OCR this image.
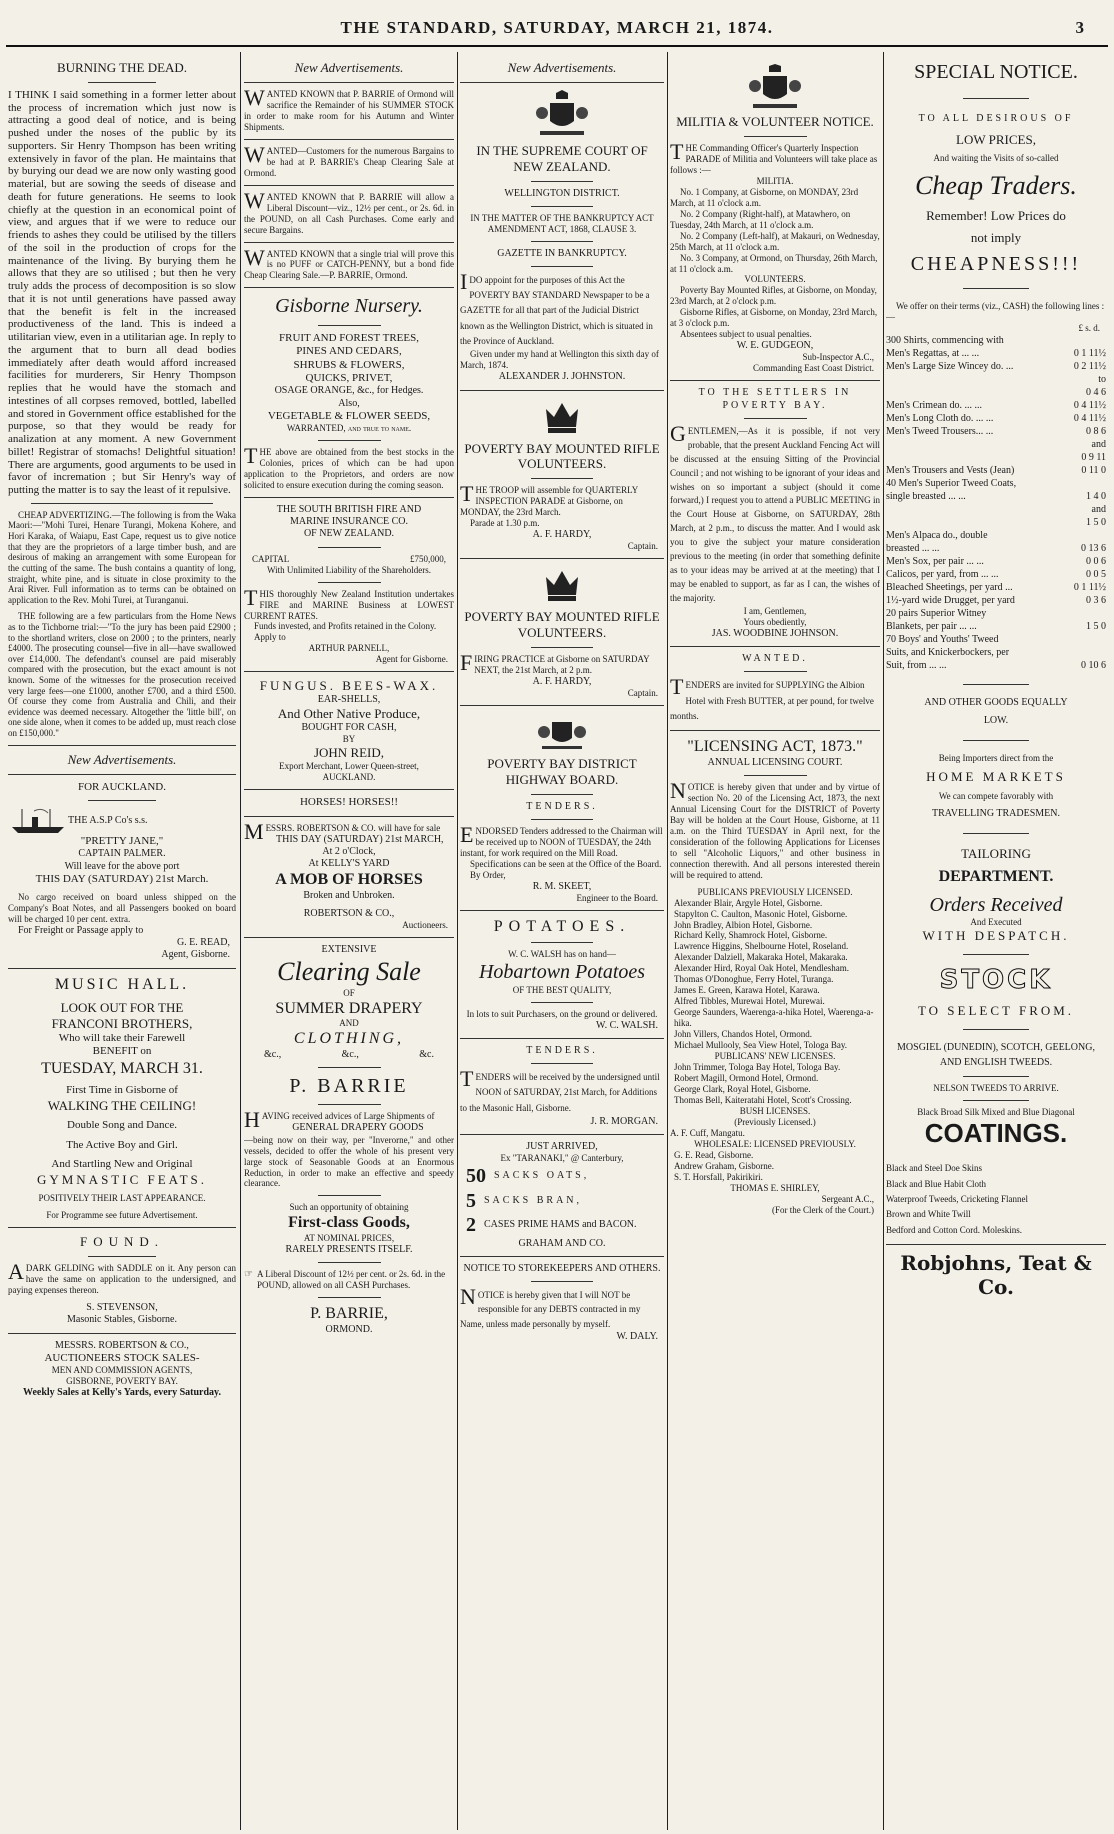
THE STANDARD, SATURDAY, MARCH 21, 1874.	3
BURNING THE DEAD.
I THINK I said something in a former letter about the process of incremation which just now is attracting a good deal of notice, and is being pushed under the noses of the public by its supporters. Sir Henry Thompson has been writing extensively in favor of the plan. He maintains that by burying our dead we are now only wasting good material, but are sowing the seeds of disease and death for future generations. He seems to look chiefly at the question in an economical point of view, and argues that if we were to reduce our friends to ashes they could be utilised by the tillers of the soil in the production of crops for the maintenance of the living. By burying them he allows that they are so utilised ; but then he very truly adds the process of decomposition is so slow that it is not until generations have passed away that the benefit is felt in the increased productiveness of the land. This is indeed a utilitarian view, even in a utilitarian age. In reply to the argument that to burn all dead bodies immediately after death would afford increased facilities for murderers, Sir Henry Thompson replies that he would have the stomach and intestines of all corpses removed, bottled, labelled and stored in Government office established for the purpose, so that they would be ready for analization at any moment. A new Government billet! Registrar of stomachs! Delightful situation! There are arguments, good arguments to be used in favor of incremation ; but Sir Henry's way of putting the matter is to say the least of it repulsive.
CHEAP ADVERTIZING.—The following is from the Waka Maori:—"Mohi Turei, Henare Turangi, Mokena Kohere, and Hori Karaka, of Waiapu, East Cape, request us to give notice that they are the proprietors of a large timber bush, and are desirous of making an arrangement with some European for the cutting of the same. The bush contains a quantity of long, straight, white pine, and is situate in close proximity to the Arai River. Full information as to terms can be obtained on application to the Rev. Mohi Turei, at Turanganui.
THE following are a few particulars from the Home News as to the Tichborne trial:—"To the jury has been paid £2900 ; to the shortland writers, close on 2000 ; to the printers, nearly £4000. The prosecuting counsel—five in all—have swallowed over £14,000. The defendant's counsel are paid miserably compared with the prosecution, but the exact amount is not known. Some of the witnesses for the prosecution received very large fees—one £1000, another £700, and a third £500. Of course they come from Australia and Chili, and their evidence was deemed necessary. Altogether the 'little bill', on one side alone, when it comes to be added up, must reach close on £150,000."
New Advertisements.
FOR AUCKLAND.
THE A.S.P Co's s.s.
"PRETTY JANE,"
CAPTAIN PALMER.
Will leave for the above port
THIS DAY (SATURDAY) 21st March.
No cargo received on board unless shipped on the Company's Boat Notes, and all Passengers booked on board will be charged 10 per cent. extra.
For Freight or Passage apply to
G. E. READ,
Agent, Gisborne.
MUSIC HALL.
LOOK OUT FOR THE
FRANCONI BROTHERS,
Who will take their Farewell
BENEFIT on
TUESDAY, MARCH 31.
First Time in Gisborne of
WALKING THE CEILING!
Double Song and Dance.
The Active Boy and Girl.
And Startling New and Original
GYMNASTIC FEATS.
POSITIVELY THEIR LAST APPEARANCE.
For Programme see future Advertisement.
FOUND.
ADARK GELDING with SADDLE on it. Any person can have the same on application to the undersigned, and paying expenses thereon.
S. STEVENSON,
Masonic Stables, Gisborne.
MESSRS. ROBERTSON & CO.,
AUCTIONEERS STOCK SALES-
MEN AND COMMISSION AGENTS,
GISBORNE, POVERTY BAY.
Weekly Sales at Kelly's Yards, every Saturday.
New Advertisements.
WANTED KNOWN that P. BARRIE of Ormond will sacrifice the Remainder of his SUMMER STOCK in order to make room for his Autumn and Winter Shipments.
WANTED—Customers for the numerous Bargains to be had at P. BARRIE's Cheap Clearing Sale at Ormond.
WANTED KNOWN that P. BARRIE will allow a Liberal Discount—viz., 12½ per cent., or 2s. 6d. in the POUND, on all Cash Purchases. Come early and secure Bargains.
WANTED KNOWN that a single trial will prove this is no PUFF or CATCH-PENNY, but a bond fide Cheap Clearing Sale.—P. BARRIE, Ormond.
Gisborne Nursery.
FRUIT AND FOREST TREES,
PINES AND CEDARS,
SHRUBS & FLOWERS,
QUICKS, PRIVET,
OSAGE ORANGE, &c., for Hedges.
Also,
VEGETABLE & FLOWER SEEDS,
WARRANTED, and true to name.
THE above are obtained from the best stocks in the Colonies, prices of which can be had upon application to the Proprietors, and orders are now solicited to ensure execution during the coming season.
THE SOUTH BRITISH FIRE AND
MARINE INSURANCE CO.
OF NEW ZEALAND.
CAPITAL	£750,000,
With Unlimited Liability of the Shareholders.
THIS thoroughly New Zealand Institution undertakes FIRE and MARINE Business at LOWEST CURRENT RATES.
Funds invested, and Profits retained in the Colony.
Apply to
ARTHUR PARNELL,
Agent for Gisborne.
FUNGUS. BEES-WAX.
EAR-SHELLS,
And Other Native Produce,
BOUGHT FOR CASH,
BY
JOHN REID,
Export Merchant, Lower Queen-street,
AUCKLAND.
HORSES! HORSES!!
MESSRS. ROBERTSON & CO. will have for sale
THIS DAY (SATURDAY) 21st MARCH,
At 2 o'Clock,
At KELLY'S YARD
A MOB OF HORSES
Broken and Unbroken.
ROBERTSON & CO.,
Auctioneers.
EXTENSIVE
Clearing Sale
OF
SUMMER DRAPERY
AND
CLOTHING,
&c.,	&c.,	&c.
P. BARRIE
HAVING received advices of Large Shipments of
GENERAL DRAPERY GOODS
—being now on their way, per "Inverorne," and other vessels, decided to offer the whole of his present very large stock of Seasonable Goods at an Enormous Reduction, in order to make an effective and speedy clearance.
Such an opportunity of obtaining
First-class Goods,
AT NOMINAL PRICES,
RARELY PRESENTS ITSELF.
☞ A Liberal Discount of 12½ per cent. or 2s. 6d. in the POUND, allowed on all CASH Purchases.
P. BARRIE,
ORMOND.
New Advertisements.
IN THE SUPREME COURT OF NEW ZEALAND.
WELLINGTON DISTRICT.
IN THE MATTER OF THE BANKRUPTCY ACT AMENDMENT ACT, 1868, CLAUSE 3.
GAZETTE IN BANKRUPTCY.
IDO appoint for the purposes of this Act the POVERTY BAY STANDARD Newspaper to be a GAZETTE for all that part of the Judicial District known as the Wellington District, which is situated in the Province of Auckland.
Given under my hand at Wellington this sixth day of March, 1874.
ALEXANDER J. JOHNSTON.
POVERTY BAY MOUNTED RIFLE VOLUNTEERS.
THE TROOP will assemble for QUARTERLY INSPECTION PARADE at Gisborne, on MONDAY, the 23rd March.
Parade at 1.30 p.m.
A. F. HARDY,
Captain.
POVERTY BAY MOUNTED RIFLE VOLUNTEERS.
FIRING PRACTICE at Gisborne on SATURDAY NEXT, the 21st March, at 2 p.m.
A. F. HARDY,
Captain.
POVERTY BAY DISTRICT HIGHWAY BOARD.
TENDERS.
ENDORSED Tenders addressed to the Chairman will be received up to NOON of TUESDAY, the 24th instant, for work required on the Mill Road.
Specifications can be seen at the Office of the Board.
By Order,
R. M. SKEET,
Engineer to the Board.
POTATOES.
W. C. WALSH has on hand—
Hobartown Potatoes
OF THE BEST QUALITY,
In lots to suit Purchasers, on the ground or delivered.
W. C. WALSH.
TENDERS.
TENDERS will be received by the undersigned until NOON of SATURDAY, 21st March, for Additions to the Masonic Hall, Gisborne.
J. R. MORGAN.
JUST ARRIVED,
Ex "TARANAKI," @ Canterbury,
50 SACKS OATS,
5 SACKS BRAN,
2 CASES PRIME HAMS and BACON.
GRAHAM AND CO.
NOTICE TO STOREKEEPERS AND OTHERS.
NOTICE is hereby given that I will NOT be responsible for any DEBTS contracted in my Name, unless made personally by myself.
W. DALY.
MILITIA & VOLUNTEER NOTICE.
THE Commanding Officer's Quarterly Inspection PARADE of Militia and Volunteers will take place as follows :—
MILITIA.
No. 1 Company, at Gisborne, on MONDAY, 23rd March, at 11 o'clock a.m.
No. 2 Company (Right-half), at Matawhero, on Tuesday, 24th March, at 11 o'clock a.m.
No. 2 Company (Left-half), at Makauri, on Wednesday, 25th March, at 11 o'clock a.m.
No. 3 Company, at Ormond, on Thursday, 26th March, at 11 o'clock a.m.
VOLUNTEERS.
Poverty Bay Mounted Rifles, at Gisborne, on Monday, 23rd March, at 2 o'clock p.m.
Gisborne Rifles, at Gisborne, on Monday, 23rd March, at 3 o'clock p.m.
Absentees subject to usual penalties.
W. E. GUDGEON,
Sub-Inspector A.C.,
Commanding East Coast District.
TO THE SETTLERS IN POVERTY BAY.
GENTLEMEN,—As it is possible, if not very probable, that the present Auckland Fencing Act will be discussed at the ensuing Sitting of the Provincial Council ; and not wishing to be ignorant of your ideas and wishes on so important a subject (should it come forward,) I request you to attend a PUBLIC MEETING in the Court House at Gisborne, on SATURDAY, 28th March, at 2 p.m., to discuss the matter. And I would ask you to give the subject your mature consideration previous to the meeting (in order that something definite as to your ideas may be arrived at at the meeting) that I may be enabled to support, as far as I can, the wishes of the majority.
I am, Gentlemen,
Yours obediently,
JAS. WOODBINE JOHNSON.
WANTED.
TENDERS are invited for SUPPLYING the Albion Hotel with Fresh BUTTER, at per pound, for twelve months.
"LICENSING ACT, 1873."
ANNUAL LICENSING COURT.
NOTICE is hereby given that under and by virtue of section No. 20 of the Licensing Act, 1873, the next Annual Licensing Court for the DISTRICT of Poverty Bay will be holden at the Court House, Gisborne, at 11 a.m. on the Third TUESDAY in April next, for the consideration of the following Applications for Licenses to sell "Alcoholic Liquors," and other business in connection therewith. And all persons interested therein will be required to attend.
PUBLICANS PREVIOUSLY LICENSED.
Alexander Blair, Argyle Hotel, Gisborne.
Stapylton C. Caulton, Masonic Hotel, Gisborne.
John Bradley, Albion Hotel, Gisborne.
Richard Kelly, Shamrock Hotel, Gisborne.
Lawrence Higgins, Shelbourne Hotel, Roseland.
Alexander Dalziell, Makaraka Hotel, Makaraka.
Alexander Hird, Royal Oak Hotel, Mendlesham.
Thomas O'Donoghue, Ferry Hotel, Turanga.
James E. Green, Karawa Hotel, Karawa.
Alfred Tibbles, Murewai Hotel, Murewai.
George Saunders, Waerenga-a-hika Hotel, Waerenga-a-hika.
John Villers, Chandos Hotel, Ormond.
Michael Mullooly, Sea View Hotel, Tologa Bay.
PUBLICANS' NEW LICENSES.
John Trimmer, Tologa Bay Hotel, Tologa Bay.
Robert Magill, Ormond Hotel, Ormond.
George Clark, Royal Hotel, Gisborne.
Thomas Bell, Kaiteratahi Hotel, Scott's Crossing.
BUSH LICENSES.
(Previously Licensed.)
A. F. Cuff, Mangatu.
WHOLESALE: LICENSED PREVIOUSLY.
G. E. Read, Gisborne.
Andrew Graham, Gisborne.
S. T. Horsfall, Pakirikiri.
THOMAS E. SHIRLEY,
Sergeant A.C.,
(For the Clerk of the Court.)
SPECIAL NOTICE.
TO ALL DESIROUS OF
LOW PRICES,
And waiting the Visits of so-called
Cheap Traders.
Remember! Low Prices do
not imply
CHEAPNESS!!!
We offer on their terms (viz., CASH) the following lines :—
£ s. d.
300 Shirts, commencing with
Men's Regattas, at ... ...	0 1 11½
Men's Large Size Wincey do. ...	0 2 11½
to
0 4 6
Men's Crimean do. ... ...	0 4 11½
Men's Long Cloth do. ... ...	0 4 11½
Men's Tweed Trousers... ...	0 8 6
and
0 9 11
Men's Trousers and Vests (Jean)	0 11 0
40 Men's Superior Tweed Coats,
single breasted ... ...	1 4 0
and
1 5 0
Men's Alpaca do., double
breasted ... ...	0 13 6
Men's Sox, per pair ... ...	0 0 6
Calicos, per yard, from ... ...	0 0 5
Bleached Sheetings, per yard ...	0 1 11½
1½-yard wide Drugget, per yard	0 3 6
20 pairs Superior Witney
Blankets, per pair ... ...	1 5 0
70 Boys' and Youths' Tweed
Suits, and Knickerbockers, per
Suit, from ... ...	0 10 6
AND OTHER GOODS EQUALLY
LOW.
Being Importers direct from the
HOME MARKETS
We can compete favorably with
TRAVELLING TRADESMEN.
TAILORING
DEPARTMENT.
Orders Received
And Executed
WITH DESPATCH.
STOCK
TO SELECT FROM.
MOSGIEL (DUNEDIN), SCOTCH, GEELONG, AND ENGLISH TWEEDS.
NELSON TWEEDS TO ARRIVE.
Black Broad Silk Mixed and Blue Diagonal
COATINGS.
Black and Steel Doe Skins
Black and Blue Habit Cloth
Waterproof Tweeds, Cricketing Flannel
Brown and White Twill
Bedford and Cotton Cord. Moleskins.
Robjohns, Teat & Co.
